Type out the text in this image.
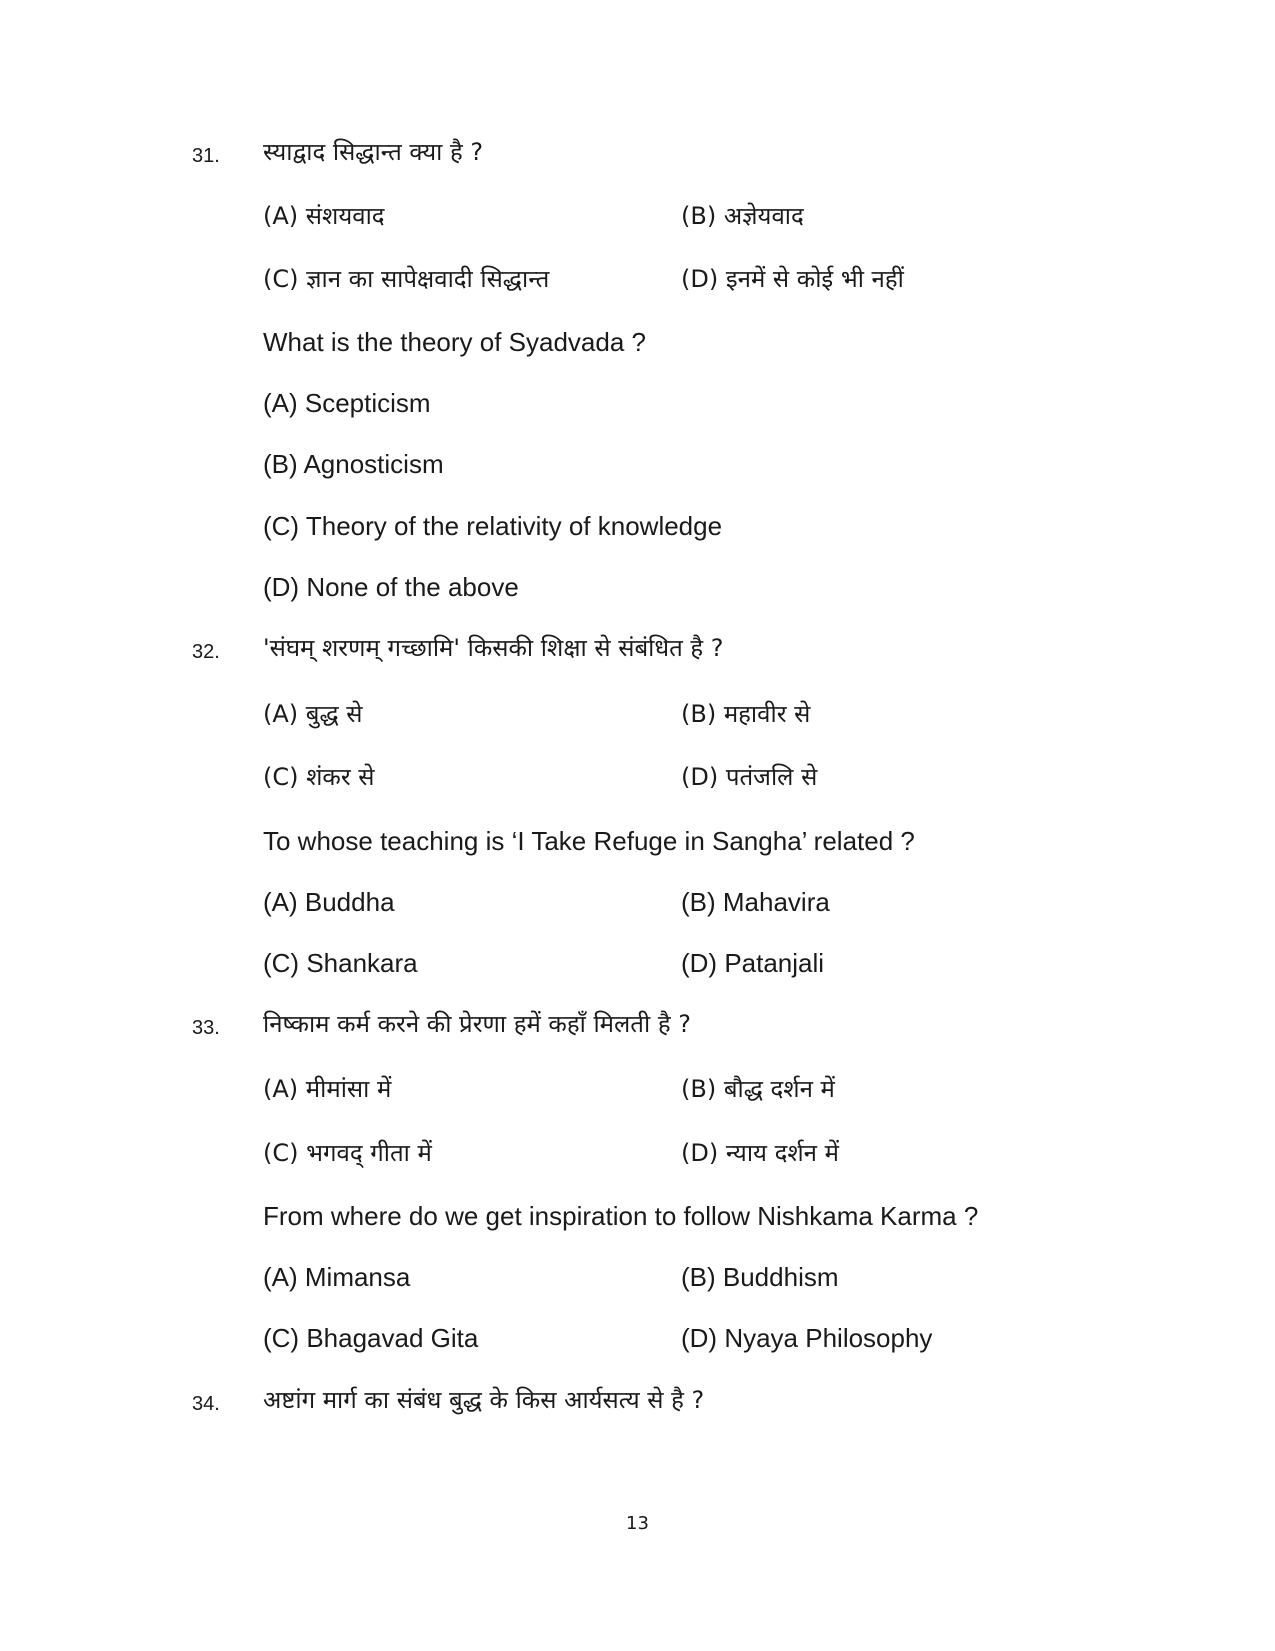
31. स्याद्वाद सिद्धान्त क्या है ?
(A) संशयवाद	(B) अज्ञेयवाद
(C) ज्ञान का सापेक्षवादी सिद्धान्त	(D) इनमें से कोई भी नहीं
What is the theory of Syadvada ?
(A) Scepticism
(B) Agnosticism
(C) Theory of the relativity of knowledge
(D) None of the above
32. 'संघम् शरणम् गच्छामि' किसकी शिक्षा से संबंधित है ?
(A) बुद्ध से	(B) महावीर से
(C) शंकर से	(D) पतंजलि से
To whose teaching is ‘I Take Refuge in Sangha’ related ?
(A) Buddha	(B) Mahavira
(C) Shankara	(D) Patanjali
33. निष्काम कर्म करने की प्रेरणा हमें कहाँ मिलती है ?
(A) मीमांसा में	(B) बौद्ध दर्शन में
(C) भगवद् गीता में	(D) न्याय दर्शन में
From where do we get inspiration to follow Nishkama Karma ?
(A) Mimansa	(B) Buddhism
(C) Bhagavad Gita	(D) Nyaya Philosophy
34. अष्टांग मार्ग का संबंध बुद्ध के किस आर्यसत्य से है ?
13
